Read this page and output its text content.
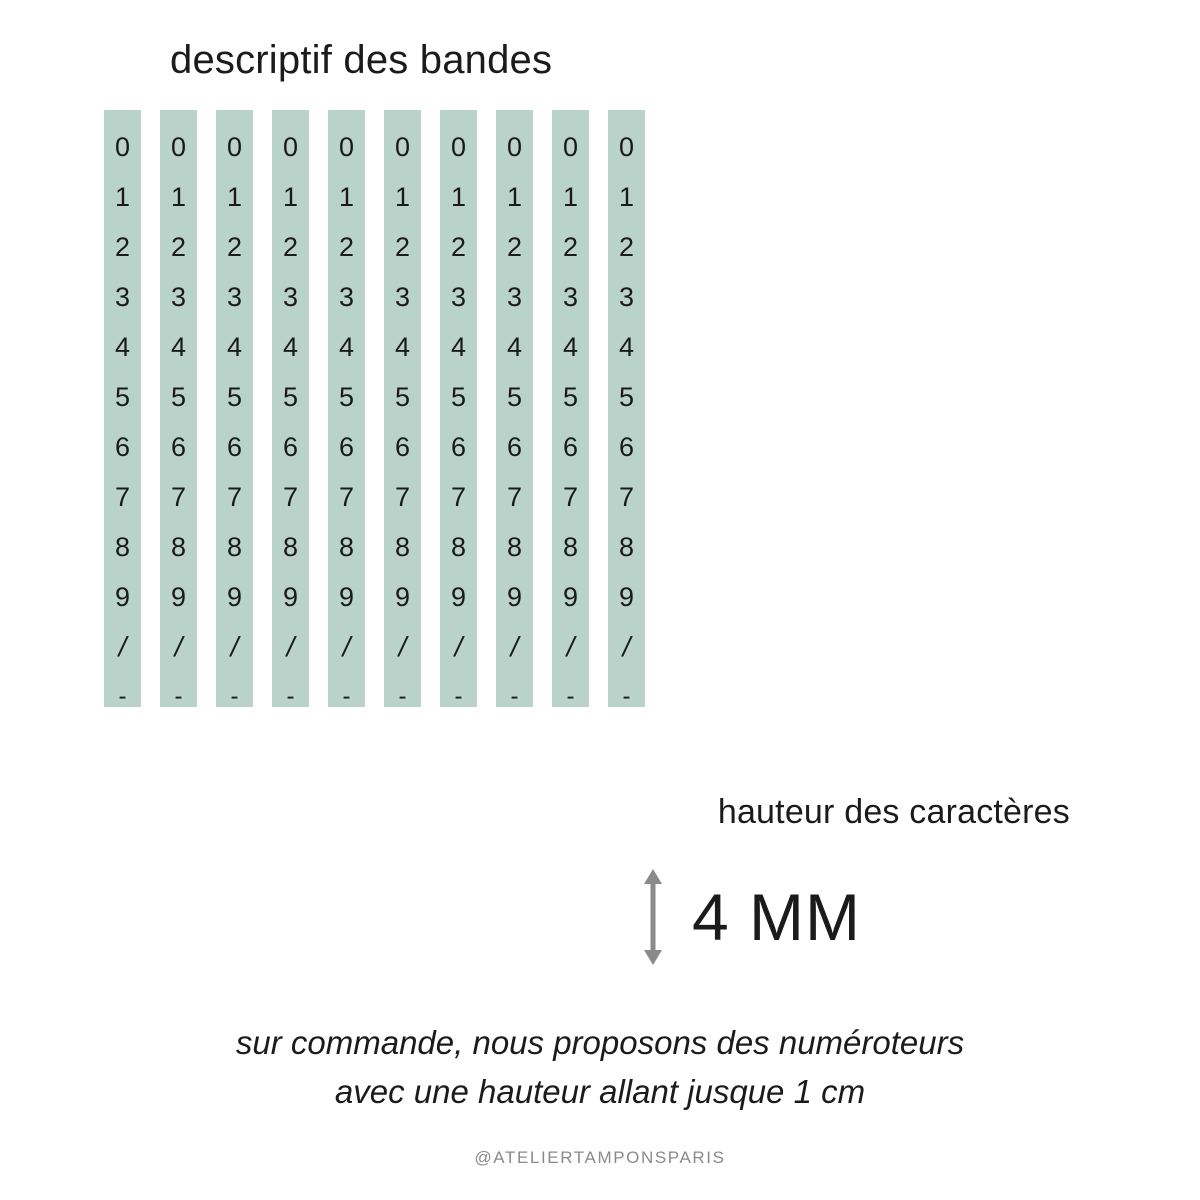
descriptif des bandes
0
1
2
3
4
5
6
7
8
9
/
-
0
1
2
3
4
5
6
7
8
9
/
-
0
1
2
3
4
5
6
7
8
9
/
-
0
1
2
3
4
5
6
7
8
9
/
-
0
1
2
3
4
5
6
7
8
9
/
-
0
1
2
3
4
5
6
7
8
9
/
-
0
1
2
3
4
5
6
7
8
9
/
-
0
1
2
3
4
5
6
7
8
9
/
-
0
1
2
3
4
5
6
7
8
9
/
-
0
1
2
3
4
5
6
7
8
9
/
-
hauteur des caractères
4 MM
sur commande, nous proposons des numéroteurs
avec une hauteur allant jusque 1 cm
@ATELIERTAMPONSPARIS
